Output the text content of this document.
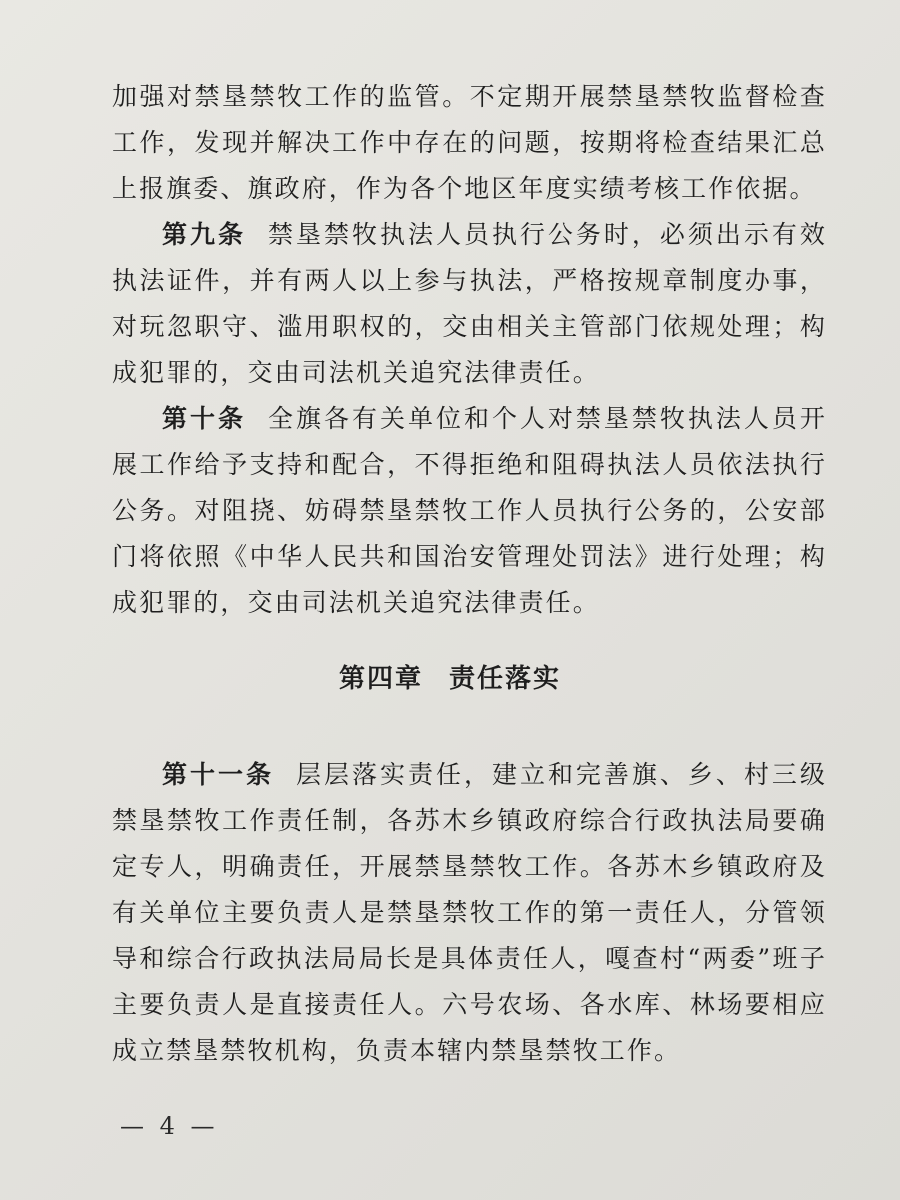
加强对禁垦禁牧工作的监管。不定期开展禁垦禁牧监督检查工作，发现并解决工作中存在的问题，按期将检查结果汇总上报旗委、旗政府，作为各个地区年度实绩考核工作依据。

第九条 禁垦禁牧执法人员执行公务时，必须出示有效执法证件，并有两人以上参与执法，严格按规章制度办事，对玩忽职守、滥用职权的，交由相关主管部门依规处理；构成犯罪的，交由司法机关追究法律责任。

第十条 全旗各有关单位和个人对禁垦禁牧执法人员开展工作给予支持和配合，不得拒绝和阻碍执法人员依法执行公务。对阻挠、妨碍禁垦禁牧工作人员执行公务的，公安部门将依照《中华人民共和国治安管理处罚法》进行处理；构成犯罪的，交由司法机关追究法律责任。

第四章 责任落实

第十一条 层层落实责任，建立和完善旗、乡、村三级禁垦禁牧工作责任制，各苏木乡镇政府综合行政执法局要确定专人，明确责任，开展禁垦禁牧工作。各苏木乡镇政府及有关单位主要负责人是禁垦禁牧工作的第一责任人，分管领导和综合行政执法局局长是具体责任人，嘎查村“两委”班子主要负责人是直接责任人。六号农场、各水库、林场要相应成立禁垦禁牧机构，负责本辖内禁垦禁牧工作。

— 4 —
